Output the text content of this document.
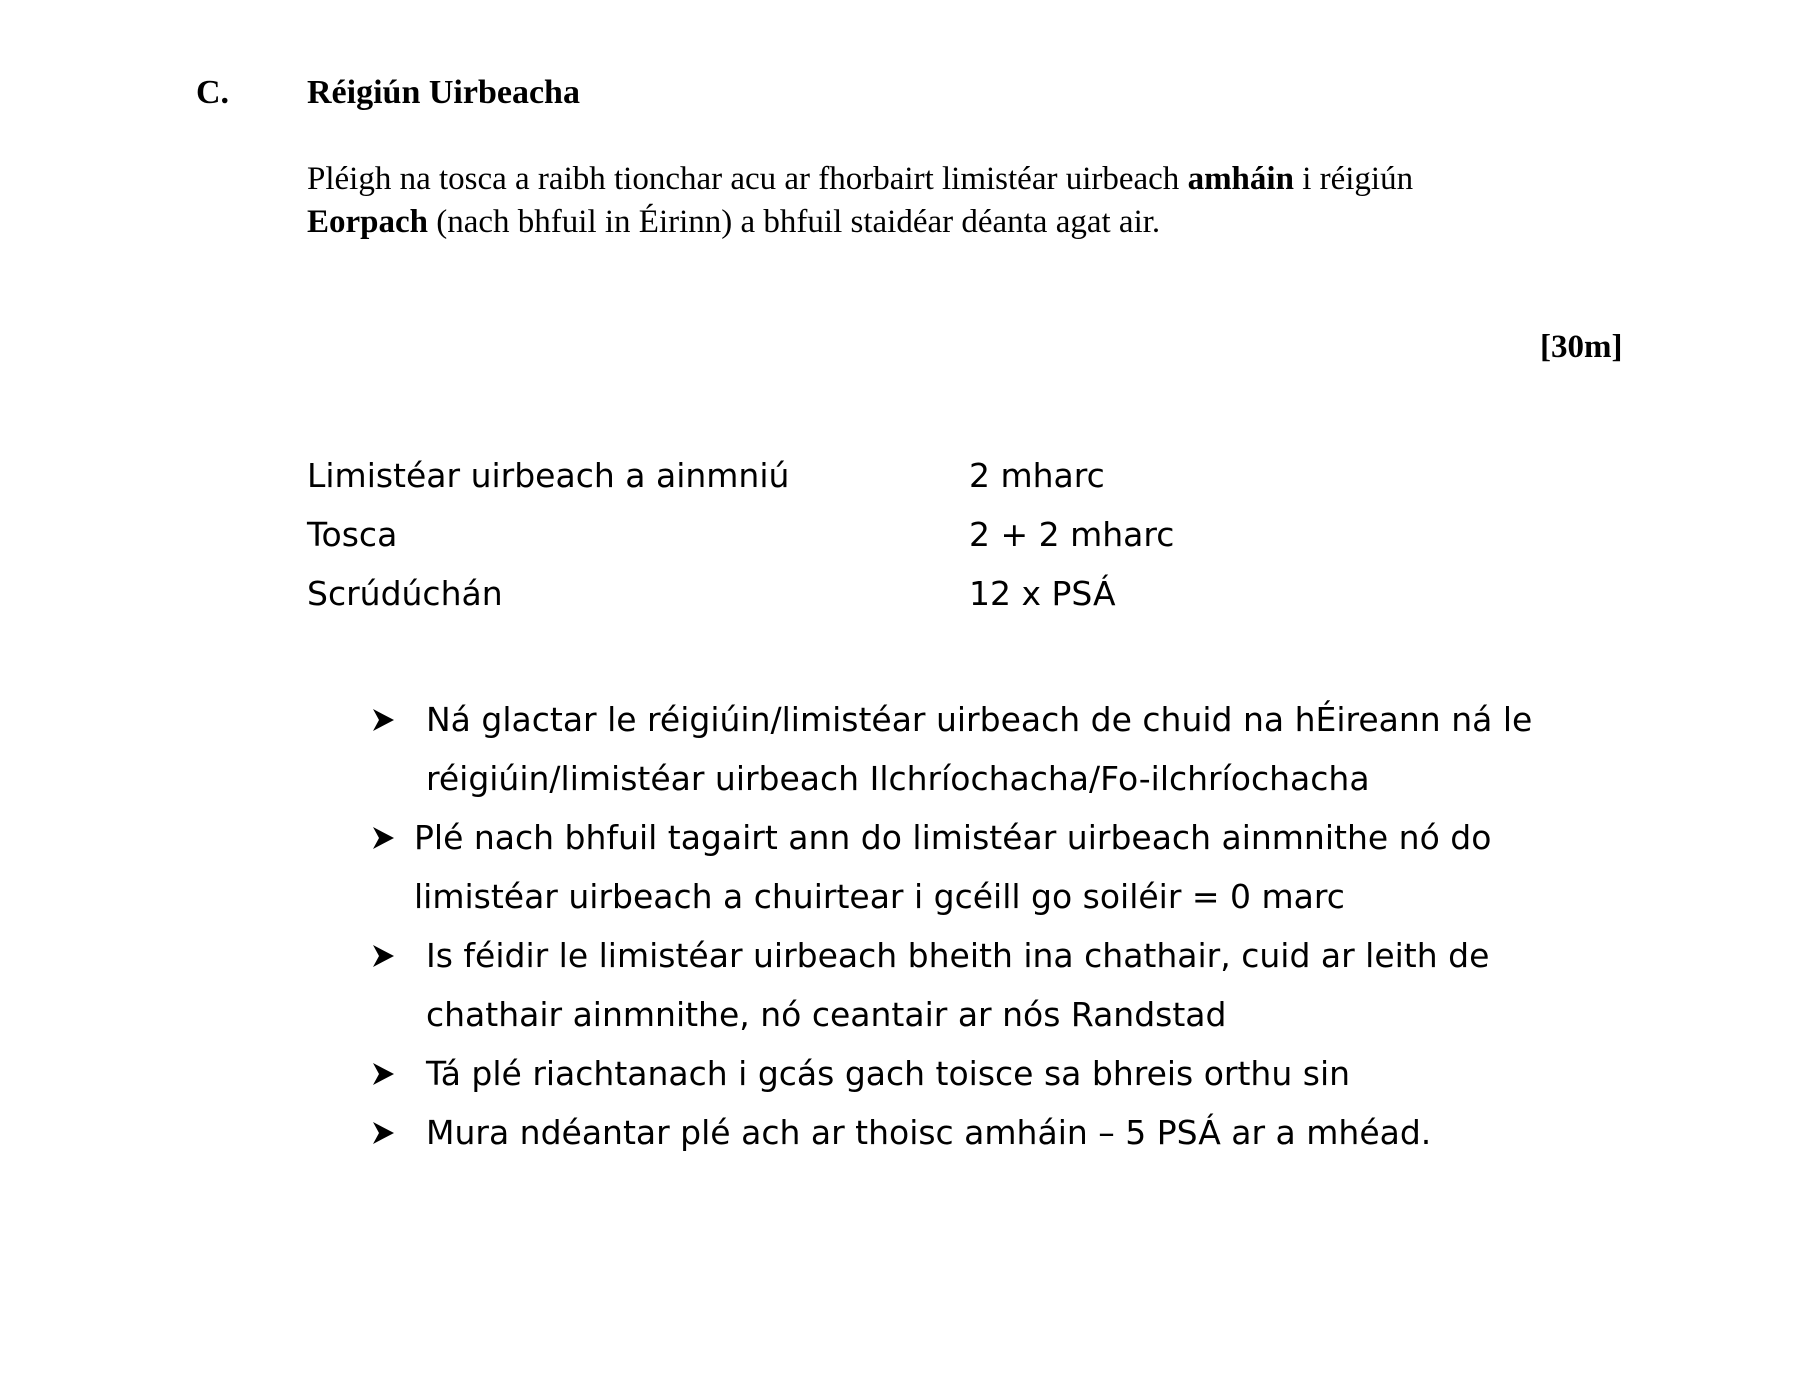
C. Réigiún Uirbeacha
Pléigh na tosca a raibh tionchar acu ar fhorbairt limistéar uirbeach amháin i réigiún
Eorpach (nach bhfuil in Éirinn) a bhfuil staidéar déanta agat air.
[30m]
Limistéar uirbeach a ainmniú	2 mharc
Tosca	2 + 2 mharc
Scrúdúchán	12 x PSÁ
Ná glactar le réigiúin/limistéar uirbeach de chuid na hÉireann ná le
réigiúin/limistéar uirbeach Ilchríochacha/Fo-ilchríochacha
Plé nach bhfuil tagairt ann do limistéar uirbeach ainmnithe nó do
limistéar uirbeach a chuirtear i gcéill go soiléir = 0 marc
Is féidir le limistéar uirbeach bheith ina chathair, cuid ar leith de
chathair ainmnithe, nó ceantair ar nós Randstad
Tá plé riachtanach i gcás gach toisce sa bhreis orthu sin
Mura ndéantar plé ach ar thoisc amháin – 5 PSÁ ar a mhéad.
